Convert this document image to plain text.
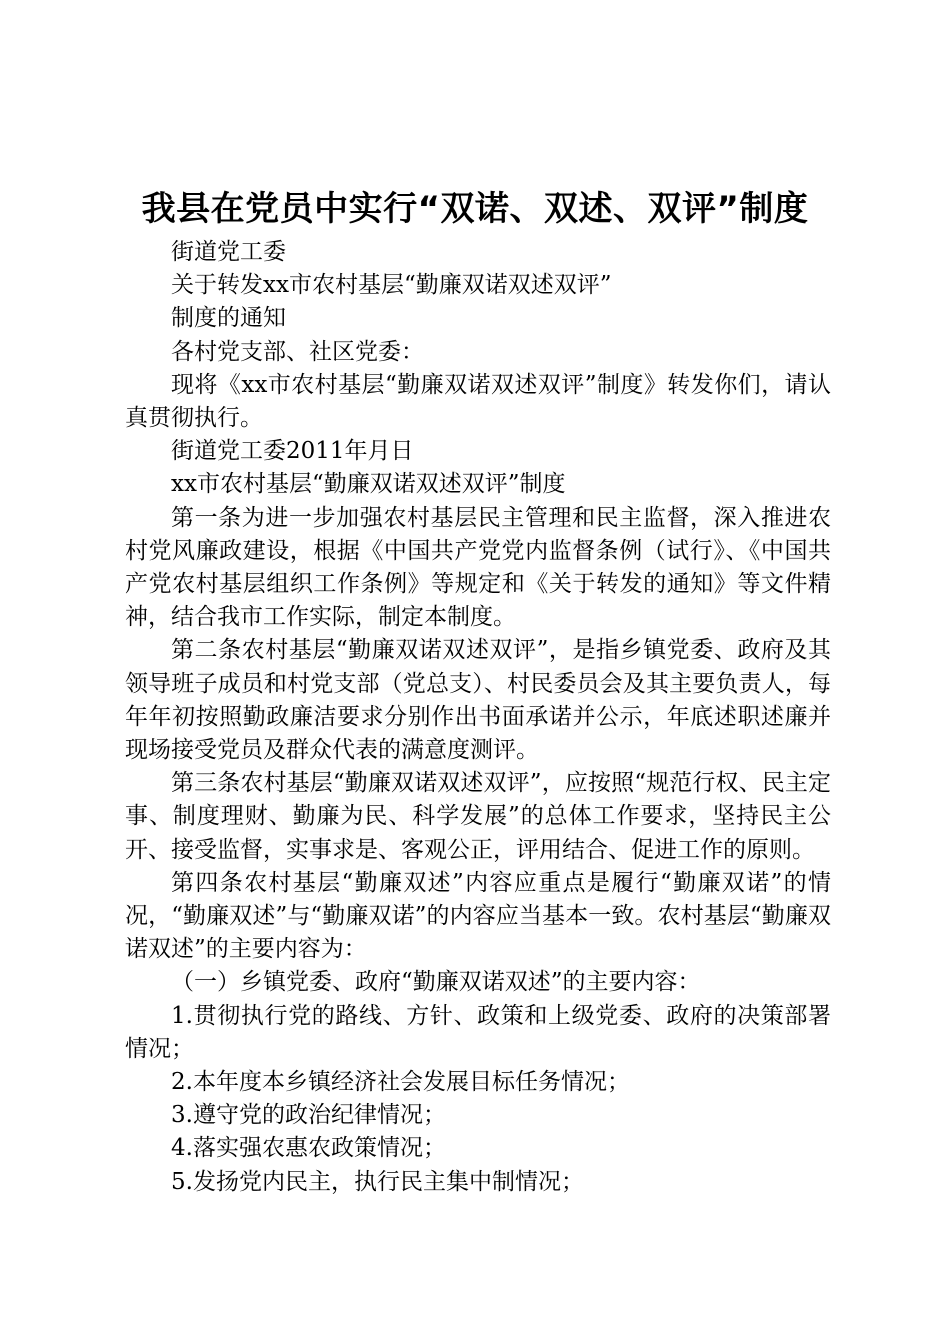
我县在党员中实行“双诺、双述、双评”制度

街道党工委

关于转发xx市农村基层“勤廉双诺双述双评”

制度的通知

各村党支部、社区党委：

现将《xx市农村基层“勤廉双诺双述双评”制度》转发你们，请认真贯彻执行。

街道党工委2011年月日

xx市农村基层“勤廉双诺双述双评”制度

第一条为进一步加强农村基层民主管理和民主监督，深入推进农村党风廉政建设，根据《中国共产党党内监督条例（试行》、《中国共产党农村基层组织工作条例》等规定和《关于转发的通知》等文件精神，结合我市工作实际，制定本制度。

第二条农村基层“勤廉双诺双述双评”，是指乡镇党委、政府及其领导班子成员和村党支部（党总支）、村民委员会及其主要负责人，每年年初按照勤政廉洁要求分别作出书面承诺并公示，年底述职述廉并现场接受党员及群众代表的满意度测评。

第三条农村基层“勤廉双诺双述双评”，应按照“规范行权、民主定事、制度理财、勤廉为民、科学发展”的总体工作要求，坚持民主公开、接受监督，实事求是、客观公正，评用结合、促进工作的原则。

第四条农村基层“勤廉双述”内容应重点是履行“勤廉双诺”的情况，“勤廉双述”与“勤廉双诺”的内容应当基本一致。农村基层“勤廉双诺双述”的主要内容为：

（一）乡镇党委、政府“勤廉双诺双述”的主要内容：

1.贯彻执行党的路线、方针、政策和上级党委、政府的决策部署情况；

2.本年度本乡镇经济社会发展目标任务情况；

3.遵守党的政治纪律情况；

4.落实强农惠农政策情况；

5.发扬党内民主，执行民主集中制情况；
